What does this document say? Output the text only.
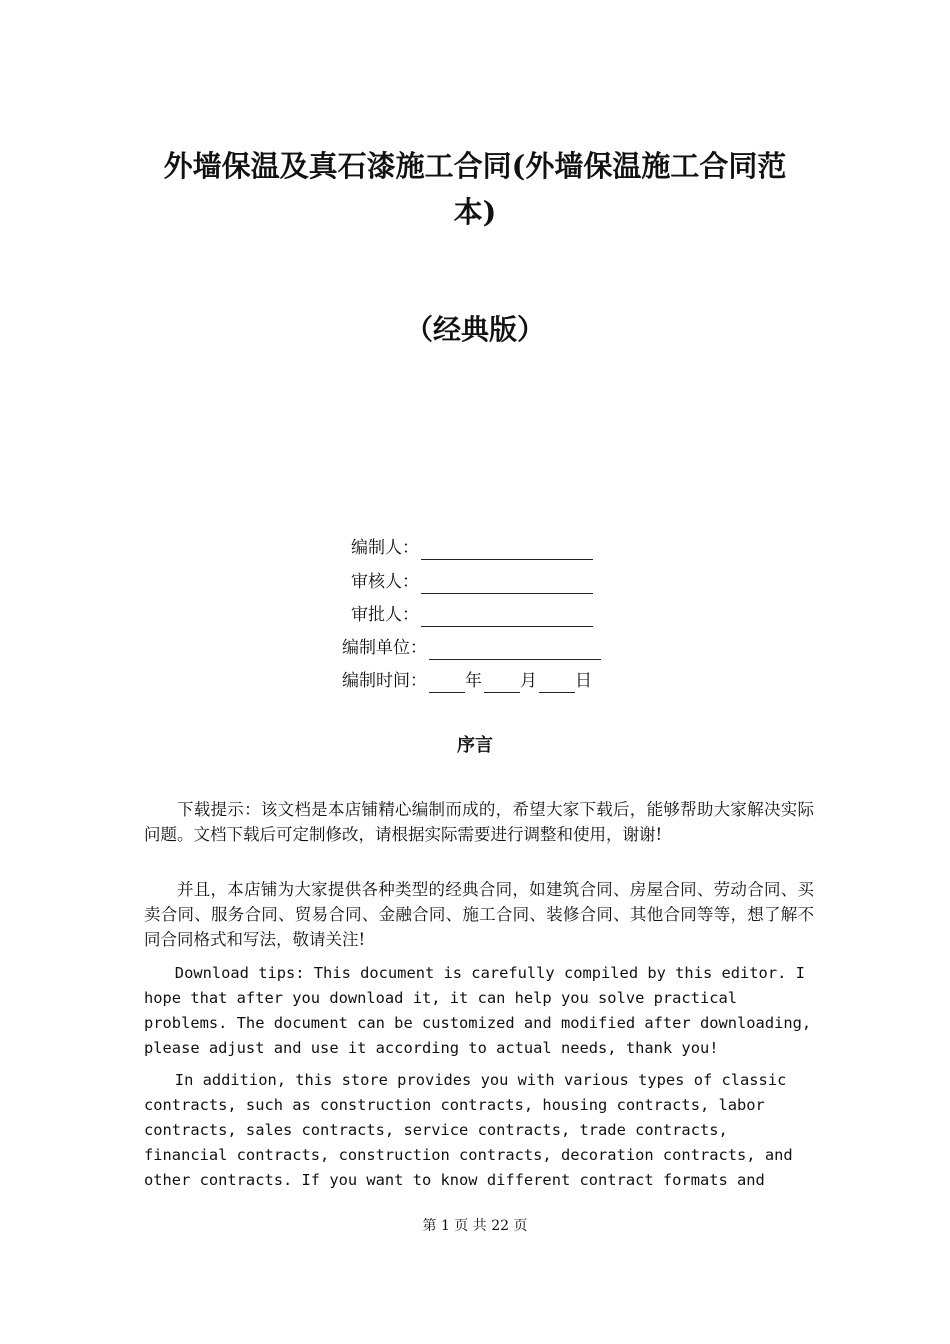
外墙保温及真石漆施工合同(外墙保温施工合同范
本)
（经典版）
编制人：
审核人：
审批人：
编制单位：
编制时间： 年 月 日
序言

下载提示：该文档是本店铺精心编制而成的，希望大家下载后，能够帮助大家解决实际问题。文档下载后可定制修改，请根据实际需要进行调整和使用，谢谢!

并且，本店铺为大家提供各种类型的经典合同，如建筑合同、房屋合同、劳动合同、买卖合同、服务合同、贸易合同、金融合同、施工合同、装修合同、其他合同等等，想了解不同合同格式和写法，敬请关注!

Download tips: This document is carefully compiled by this editor. I hope that after you download it, it can help you solve practical problems. The document can be customized and modified after downloading, please adjust and use it according to actual needs, thank you!

In addition, this store provides you with various types of classic contracts, such as construction contracts, housing contracts, labor contracts, sales contracts, service contracts, trade contracts, financial contracts, construction contracts, decoration contracts, and other contracts. If you want to know different contract formats and

第 1 页 共 22 页
